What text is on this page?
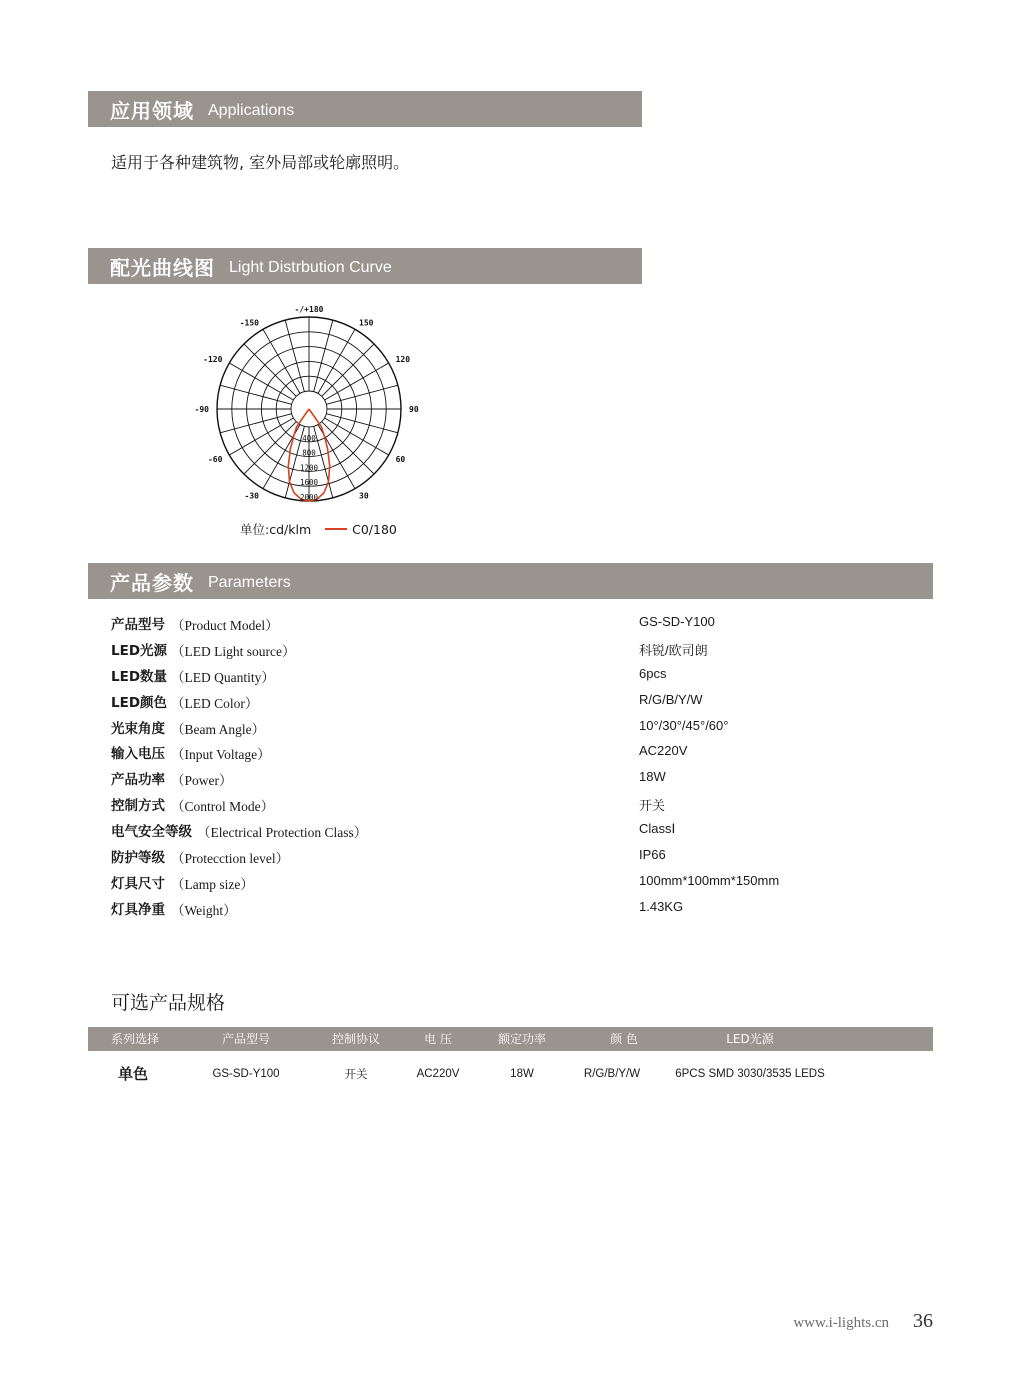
应用领域 Applications
适用于各种建筑物, 室外局部或轮廓照明。
配光曲线图 Light Distrbution Curve
400
800
1200
1600
2000
-/+180
150
120
90
60
30
-30
-60
-90
-120
-150
单位:cd/klm	C0/180
产品参数 Parameters
产品型号 （Product Model）	GS-SD-Y100
LED光源 （LED Light source）	科锐/欧司朗
LED数量 （LED Quantity）	6pcs
LED颜色 （LED Color）	R/G/B/Y/W
光束角度 （Beam Angle）	10°/30°/45°/60°
输入电压 （Input Voltage）	AC220V
产品功率 （Power）	18W
控制方式 （Control Mode）	开关
电气安全等级 （Electrical Protection Class）	ClassⅠ
防护等级 （Protecction level）	IP66
灯具尺寸 （Lamp size）	100mm*100mm*150mm
灯具净重 （Weight）	1.43KG
可选产品规格
系列选择	产品型号	控制协议	电 压	额定功率	颜 色	LED光源
单色	GS-SD-Y100	开关	AC220V	18W	R/G/B/Y/W	6PCS SMD 3030/3535 LEDS
www.i-lights.cn 36
